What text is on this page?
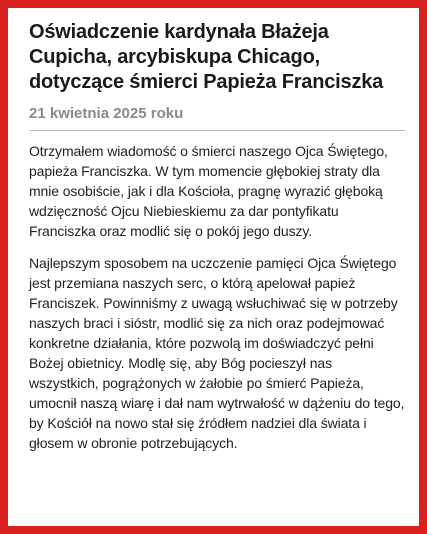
Oświadczenie kardynała Błażeja Cupicha, arcybiskupa Chicago, dotyczące śmierci Papieża Franciszka
21 kwietnia 2025 roku

Otrzymałem wiadomość o śmierci naszego Ojca Świętego, papieża Franciszka. W tym momencie głębokiej straty dla mnie osobiście, jak i dla Kościoła, pragnę wyrazić głęboką wdzięczność Ojcu Niebieskiemu za dar pontyfikatu Franciszka oraz modlić się o pokój jego duszy.

Najlepszym sposobem na uczczenie pamięci Ojca Świętego jest przemiana naszych serc, o którą apelował papież Franciszek. Powinniśmy z uwagą wsłuchiwać się w potrzeby naszych braci i sióstr, modlić się za nich oraz podejmować konkretne działania, które pozwolą im doświadczyć pełni Bożej obietnicy. Modlę się, aby Bóg pocieszył nas wszystkich, pogrążonych w żałobie po śmierć Papieża, umocnił naszą wiarę i dał nam wytrwałość w dążeniu do tego, by Kościół na nowo stał się źródłem nadziei dla świata i głosem w obronie potrzebujących.
